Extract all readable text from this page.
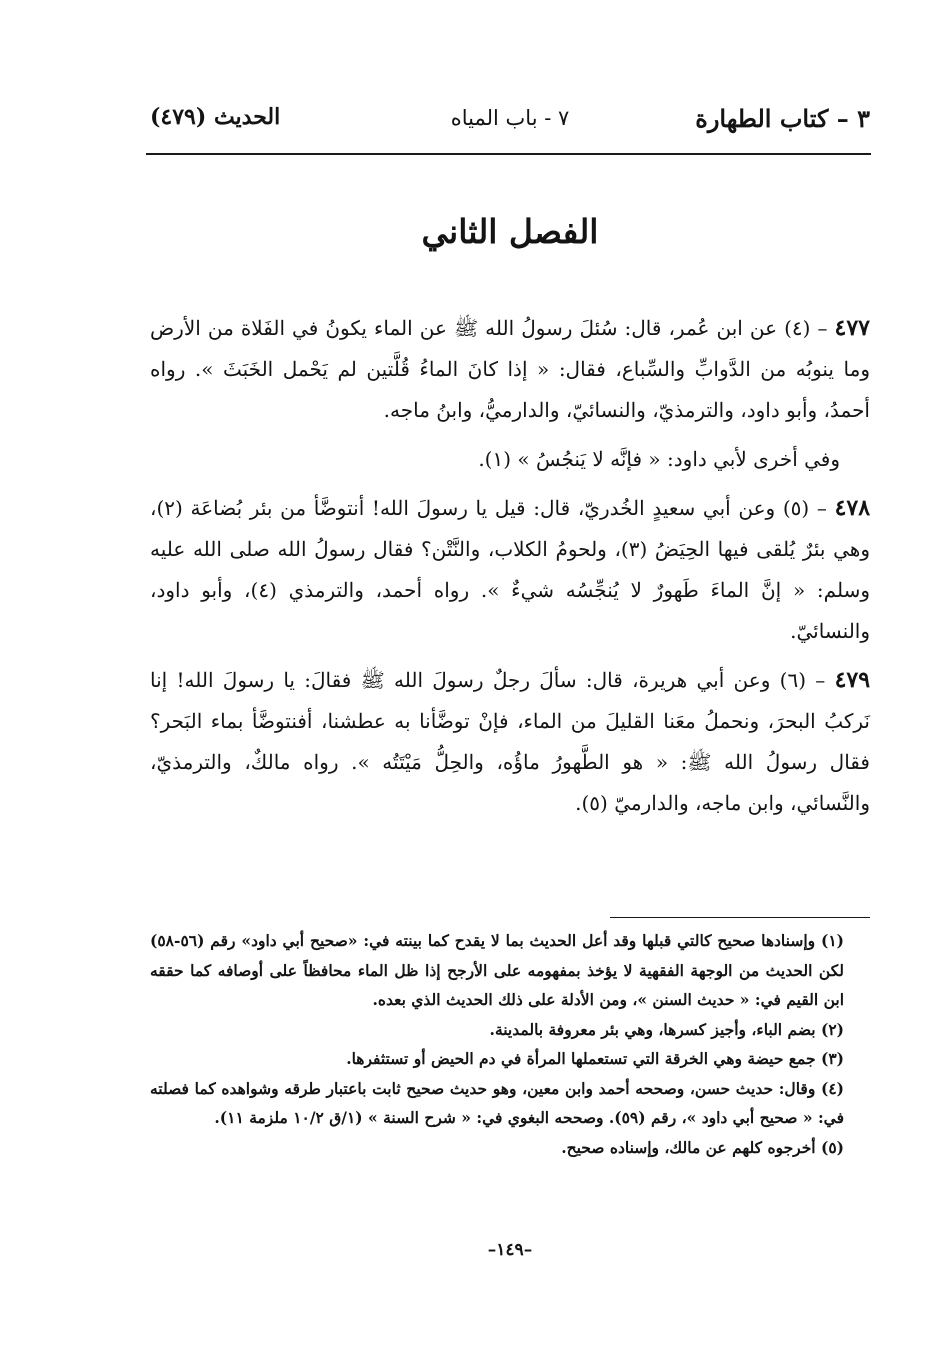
٣ – كتاب الطهارة
٧ - باب المياه
الحديث (٤٧٩)
الفصل الثاني

٤٧٧ – (٤) عن ابن عُمر، قال: سُئلَ رسولُ الله ﷺ عن الماء يكونُ في الفَلاة من الأرض وما ينوبُه من الدَّوابِّ والسِّباع، فقال: « إذا كانَ الماءُ قُلَّتين لم يَحْمل الخَبَثَ ». رواه أحمدُ، وأبو داود، والترمذيّ، والنسائيّ، والدارميُّ، وابنُ ماجه.

وفي أخرى لأبي داود: « فإنَّه لا يَنجُسُ » (١).

٤٧٨ – (٥) وعن أبي سعيدٍ الخُدريّ، قال: قيل يا رسولَ الله! أنتوضَّأ من بئر بُضاعَة (٢)، وهي بئرٌ يُلقى فيها الحِيَضُ (٣)، ولحومُ الكلاب، والنَّتْن؟ فقال رسولُ الله صلى الله عليه وسلم: « إنَّ الماءَ طَهورٌ لا يُنجِّسُه شيءٌ ». رواه أحمد، والترمذي (٤)، وأبو داود، والنسائيّ.

٤٧٩ – (٦) وعن أبي هريرة، قال: سألَ رجلٌ رسولَ الله ﷺ فقالَ: يا رسولَ الله! إنا نَركبُ البحرَ، ونحملُ معَنا القليلَ من الماء، فإنْ توضَّأنا به عطشنا، أفنتوضَّأ بماء البَحر؟ فقال رسولُ الله ﷺ: « هو الطَّهورُ ماؤُه، والحِلُّ مَيْتَتُه ». رواه مالكٌ، والترمذيّ، والنَّسائي، وابن ماجه، والدارميّ (٥).

(١) وإسنادها صحيح كالتي قبلها وقد أعل الحديث بما لا يقدح كما بينته في: «صحيح أبي داود» رقم (٥٦-٥٨) لكن الحديث من الوجهة الفقهية لا يؤخذ بمفهومه على الأرجح إذا ظل الماء محافظاً على أوصافه كما حققه ابن القيم في: « حديث السنن »، ومن الأدلة على ذلك الحديث الذي بعده.

(٢) بضم الباء، وأجيز كسرها، وهي بئر معروفة بالمدينة.

(٣) جمع حيضة وهي الخرقة التي تستعملها المرأة في دم الحيض أو تستثفرها.

(٤) وقال: حديث حسن، وصححه أحمد وابن معين، وهو حديث صحيح ثابت باعتبار طرقه وشواهده كما فصلته في: « صحيح أبي داود »، رقم (٥٩). وصححه البغوي في: « شرح السنة » (١/ق ١٠/٢ ملزمة ١١).

(٥) أخرجوه كلهم عن مالك، وإسناده صحيح.

–١٤٩–
